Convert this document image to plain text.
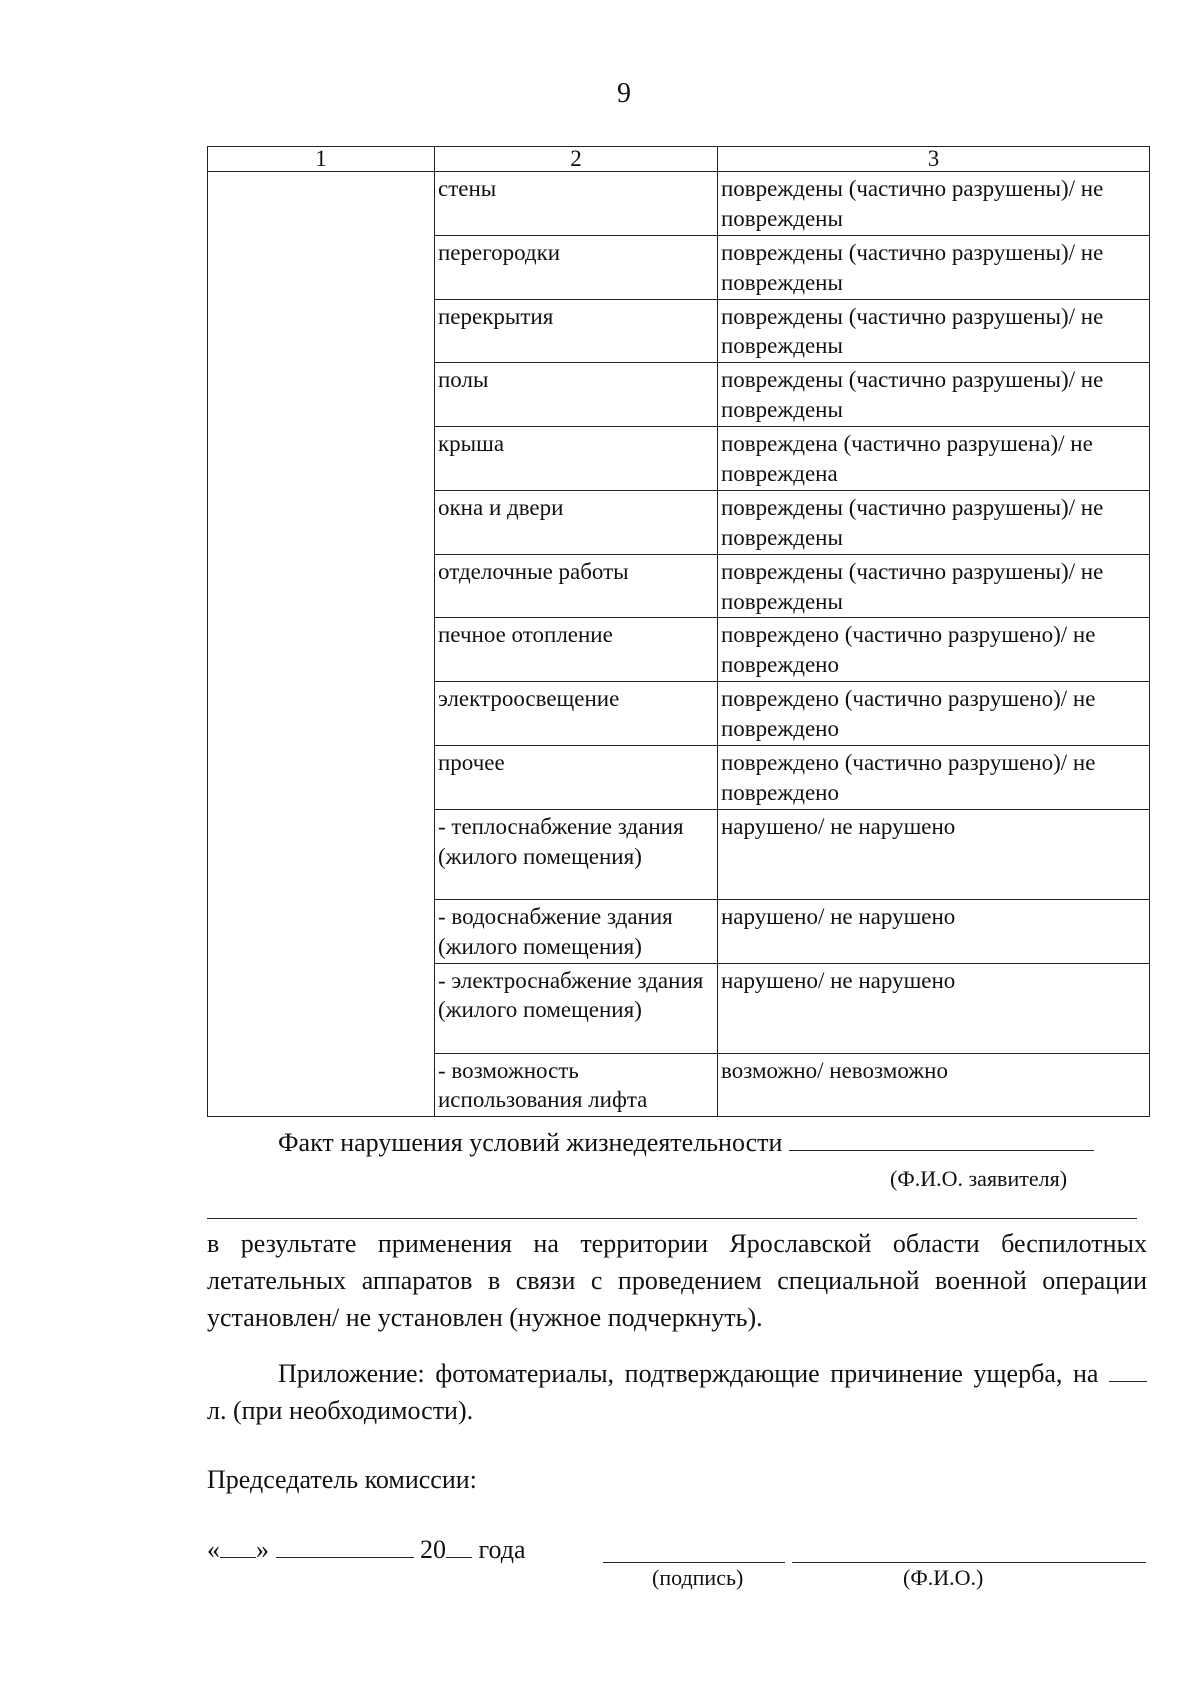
9
1	2	3
	стены	повреждены (частично разрушены)/ не повреждены
	перегородки	повреждены (частично разрушены)/ не повреждены
	перекрытия	повреждены (частично разрушены)/ не повреждены
	полы	повреждены (частично разрушены)/ не повреждены
	крыша	повреждена (частично разрушена)/ не повреждена
	окна и двери	повреждены (частично разрушены)/ не повреждены
	отделочные работы	повреждены (частично разрушены)/ не повреждены
	печное отопление	повреждено (частично разрушено)/ не повреждено
	электроосвещение	повреждено (частично разрушено)/ не повреждено
	прочее	повреждено (частично разрушено)/ не повреждено
	- теплоснабжение здания (жилого помещения)	нарушено/ не нарушено
	- водоснабжение здания (жилого помещения)	нарушено/ не нарушено
	- электроснабжение здания (жилого помещения)	нарушено/ не нарушено
	- возможность использования лифта	возможно/ невозможно
Факт нарушения условий жизнедеятельности
(Ф.И.О. заявителя)
в результате применения на территории Ярославской области беспилотных летательных аппаратов в связи с проведением специальной военной операции установлен/ не установлен (нужное подчеркнуть).
Приложение: фотоматериалы, подтверждающие причинение ущерба, на  л. (при необходимости).
Председатель комиссии:
« »	20 года
(подпись)	(Ф.И.О.)
